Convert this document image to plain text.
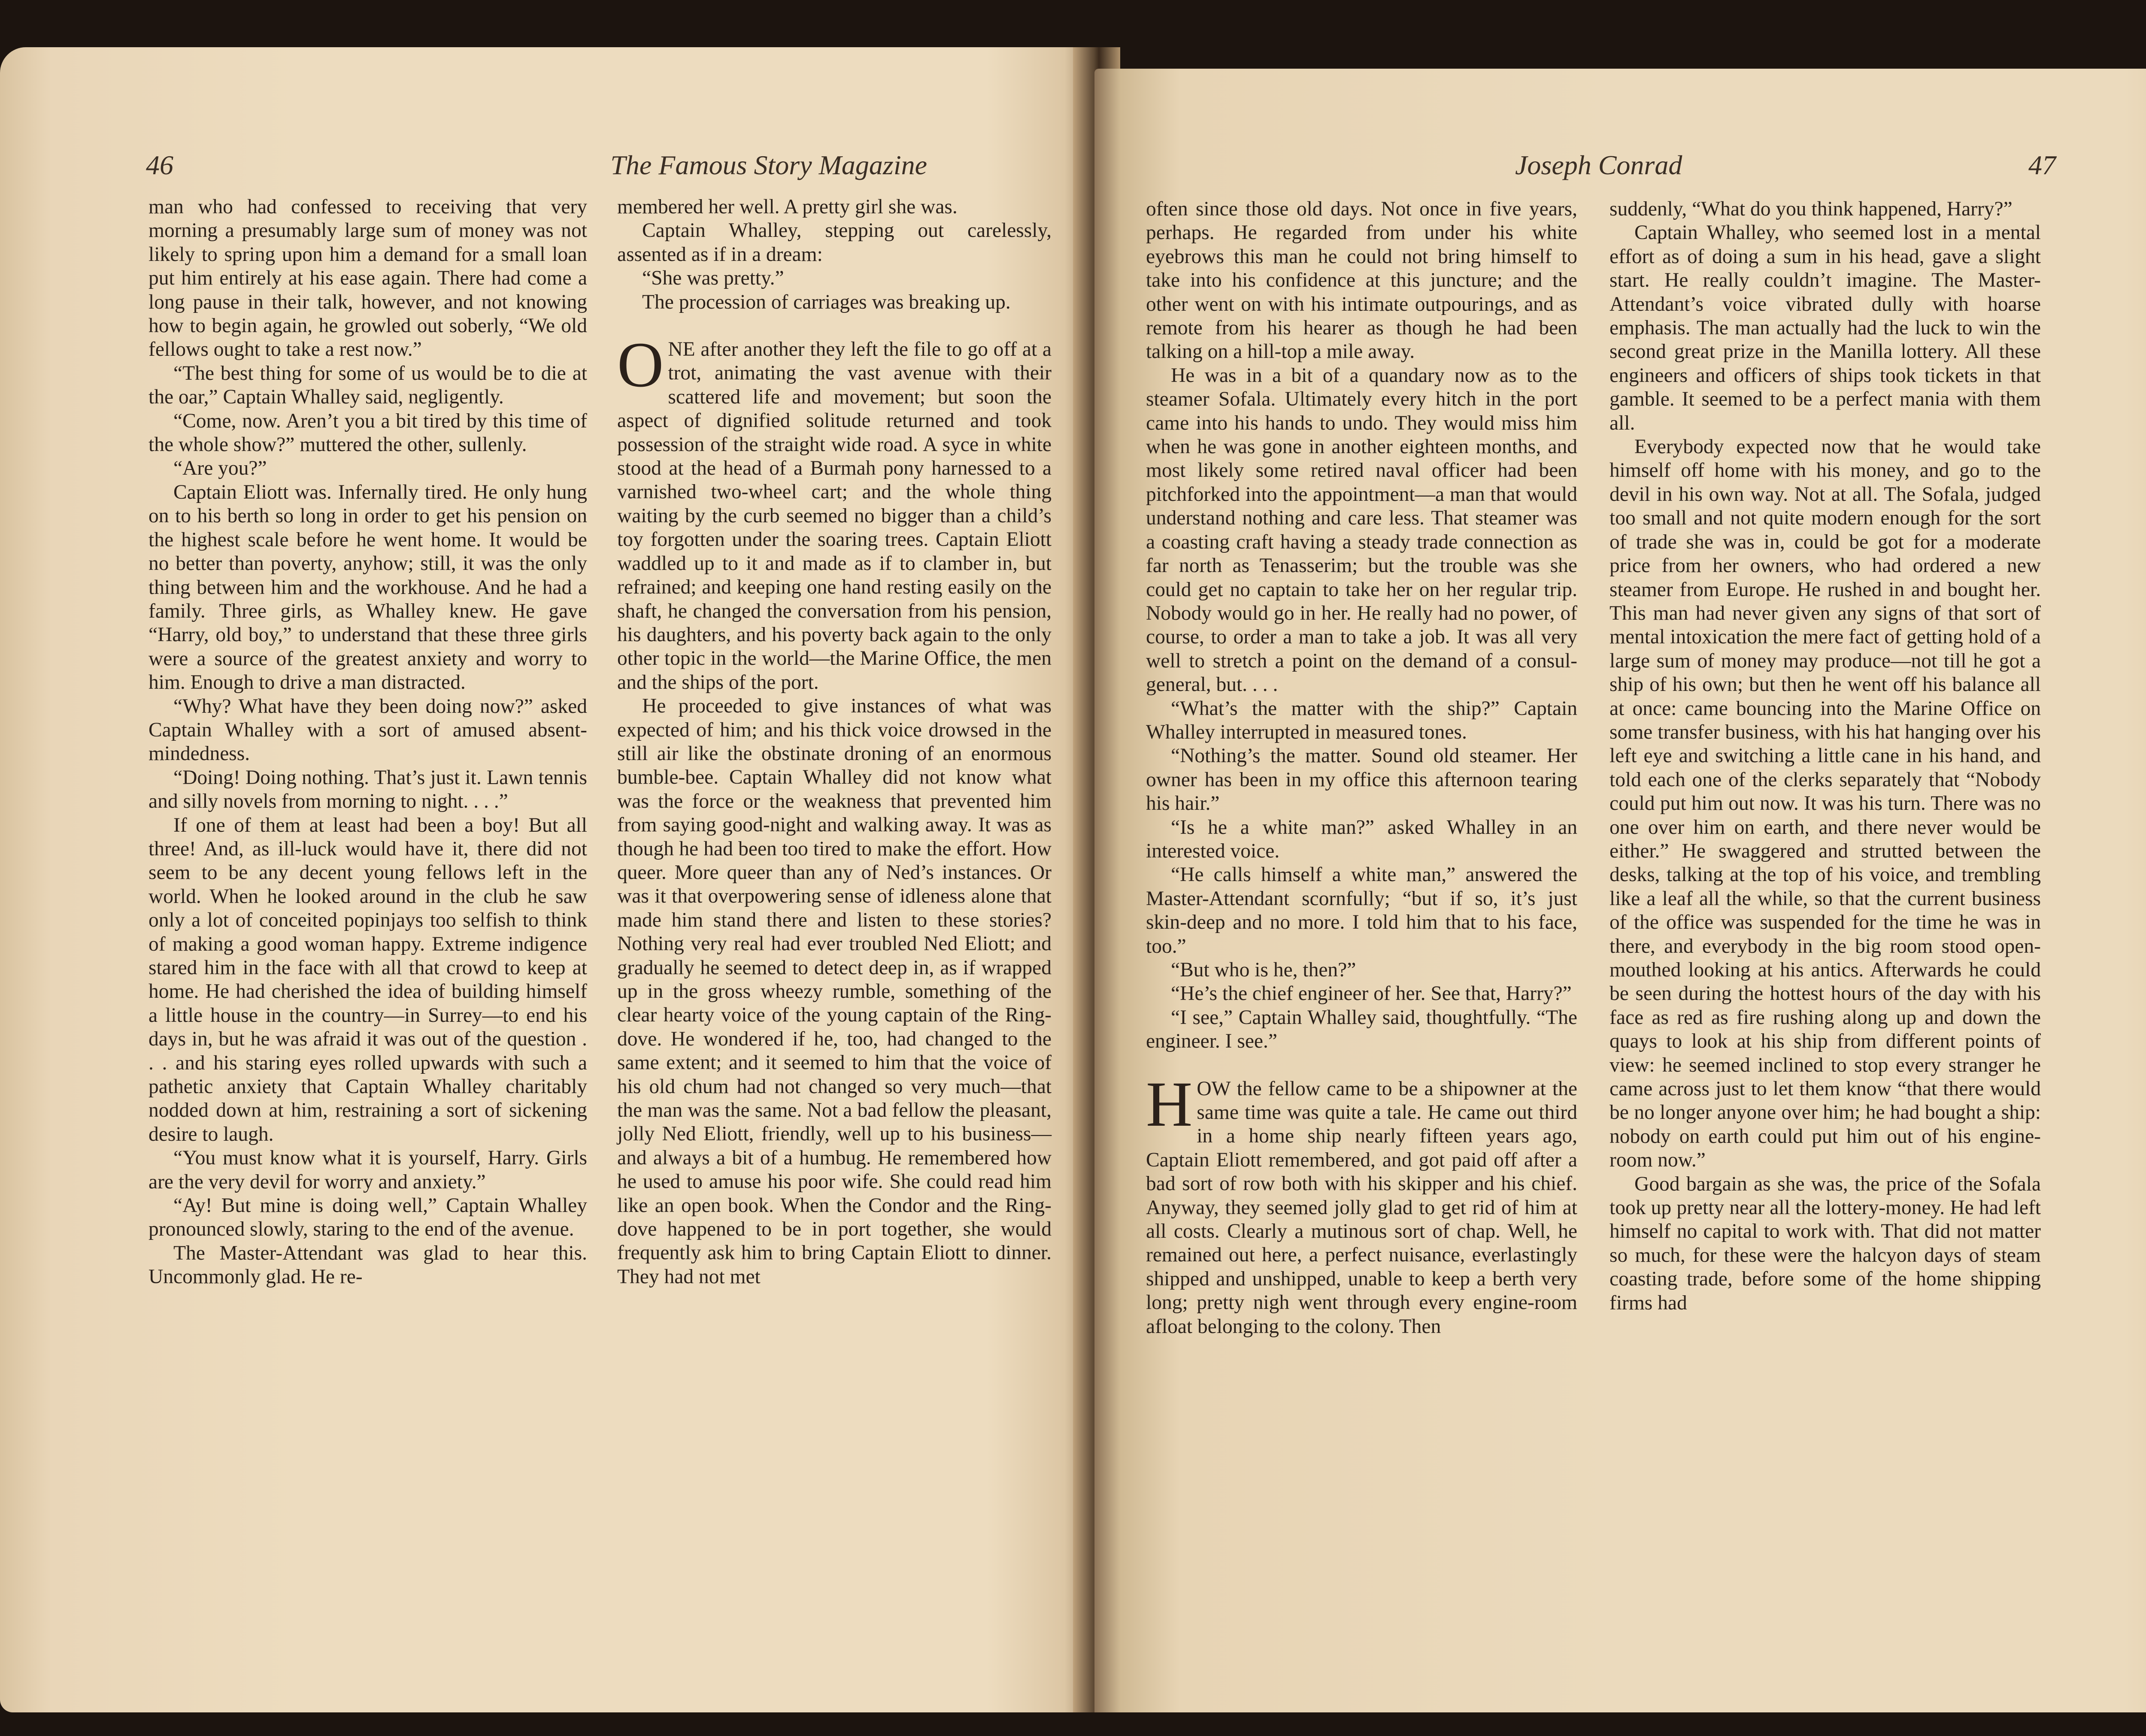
46	The Famous Story Magazine

man who had confessed to receiving that very morning a presumably large sum of money was not likely to spring upon him a demand for a small loan put him entirely at his ease again. There had come a long pause in their talk, however, and not knowing how to begin again, he growled out soberly, “We old fellows ought to take a rest now.”

“The best thing for some of us would be to die at the oar,” Captain Whalley said, negligently.

“Come, now. Aren’t you a bit tired by this time of the whole show?” muttered the other, sullenly.

“Are you?”

Captain Eliott was. Infernally tired. He only hung on to his berth so long in order to get his pension on the highest scale before he went home. It would be no better than poverty, anyhow; still, it was the only thing between him and the workhouse. And he had a family. Three girls, as Whalley knew. He gave “Harry, old boy,” to understand that these three girls were a source of the greatest anxiety and worry to him. Enough to drive a man distracted.

“Why? What have they been doing now?” asked Captain Whalley with a sort of amused absent-mindedness.

“Doing! Doing nothing. That’s just it. Lawn tennis and silly novels from morning to night. . . .”

If one of them at least had been a boy! But all three! And, as ill-luck would have it, there did not seem to be any decent young fellows left in the world. When he looked around in the club he saw only a lot of conceited popinjays too selfish to think of making a good woman happy. Extreme indigence stared him in the face with all that crowd to keep at home. He had cherished the idea of building himself a little house in the country—in Surrey—to end his days in, but he was afraid it was out of the question . . . and his staring eyes rolled upwards with such a pathetic anxiety that Captain Whalley charitably nodded down at him, restraining a sort of sickening desire to laugh.

“You must know what it is yourself, Harry. Girls are the very devil for worry and anxiety.”

“Ay! But mine is doing well,” Captain Whalley pronounced slowly, staring to the end of the avenue.

The Master-Attendant was glad to hear this. Uncommonly glad. He re-

membered her well. A pretty girl she was.

Captain Whalley, stepping out carelessly, assented as if in a dream:

“She was pretty.”

The procession of carriages was breaking up.

ONE after another they left the file to go off at a trot, animating the vast avenue with their scattered life and movement; but soon the aspect of dignified solitude returned and took possession of the straight wide road. A syce in white stood at the head of a Burmah pony harnessed to a varnished two-wheel cart; and the whole thing waiting by the curb seemed no bigger than a child’s toy forgotten under the soaring trees. Captain Eliott waddled up to it and made as if to clamber in, but refrained; and keeping one hand resting easily on the shaft, he changed the conversation from his pension, his daughters, and his poverty back again to the only other topic in the world—the Marine Office, the men and the ships of the port.

He proceeded to give instances of what was expected of him; and his thick voice drowsed in the still air like the obstinate droning of an enormous bumble-bee. Captain Whalley did not know what was the force or the weakness that prevented him from saying good-night and walking away. It was as though he had been too tired to make the effort. How queer. More queer than any of Ned’s instances. Or was it that overpowering sense of idleness alone that made him stand there and listen to these stories? Nothing very real had ever troubled Ned Eliott; and gradually he seemed to detect deep in, as if wrapped up in the gross wheezy rumble, something of the clear hearty voice of the young captain of the Ring-dove. He wondered if he, too, had changed to the same extent; and it seemed to him that the voice of his old chum had not changed so very much—that the man was the same. Not a bad fellow the pleasant, jolly Ned Eliott, friendly, well up to his business—and always a bit of a humbug. He remembered how he used to amuse his poor wife. She could read him like an open book. When the Condor and the Ring-dove happened to be in port together, she would frequently ask him to bring Captain Eliott to dinner. They had not met

Joseph Conrad	47

often since those old days. Not once in five years, perhaps. He regarded from under his white eyebrows this man he could not bring himself to take into his confidence at this juncture; and the other went on with his intimate outpourings, and as remote from his hearer as though he had been talking on a hill-top a mile away.

He was in a bit of a quandary now as to the steamer Sofala. Ultimately every hitch in the port came into his hands to undo. They would miss him when he was gone in another eighteen months, and most likely some retired naval officer had been pitchforked into the appointment—a man that would understand nothing and care less. That steamer was a coasting craft having a steady trade connection as far north as Tenasserim; but the trouble was she could get no captain to take her on her regular trip. Nobody would go in her. He really had no power, of course, to order a man to take a job. It was all very well to stretch a point on the demand of a consul-general, but. . . .

“What’s the matter with the ship?” Captain Whalley interrupted in measured tones.

“Nothing’s the matter. Sound old steamer. Her owner has been in my office this afternoon tearing his hair.”

“Is he a white man?” asked Whalley in an interested voice.

“He calls himself a white man,” answered the Master-Attendant scornfully; “but if so, it’s just skin-deep and no more. I told him that to his face, too.”

“But who is he, then?”

“He’s the chief engineer of her. See that, Harry?”

“I see,” Captain Whalley said, thoughtfully. “The engineer. I see.”

HOW the fellow came to be a shipowner at the same time was quite a tale. He came out third in a home ship nearly fifteen years ago, Captain Eliott remembered, and got paid off after a bad sort of row both with his skipper and his chief. Anyway, they seemed jolly glad to get rid of him at all costs. Clearly a mutinous sort of chap. Well, he remained out here, a perfect nuisance, everlastingly shipped and unshipped, unable to keep a berth very long; pretty nigh went through every engine-room afloat belonging to the colony. Then

suddenly, “What do you think happened, Harry?”

Captain Whalley, who seemed lost in a mental effort as of doing a sum in his head, gave a slight start. He really couldn’t imagine. The Master-Attendant’s voice vibrated dully with hoarse emphasis. The man actually had the luck to win the second great prize in the Manilla lottery. All these engineers and officers of ships took tickets in that gamble. It seemed to be a perfect mania with them all.

Everybody expected now that he would take himself off home with his money, and go to the devil in his own way. Not at all. The Sofala, judged too small and not quite modern enough for the sort of trade she was in, could be got for a moderate price from her owners, who had ordered a new steamer from Europe. He rushed in and bought her. This man had never given any signs of that sort of mental intoxication the mere fact of getting hold of a large sum of money may produce—not till he got a ship of his own; but then he went off his balance all at once: came bouncing into the Marine Office on some transfer business, with his hat hanging over his left eye and switching a little cane in his hand, and told each one of the clerks separately that “Nobody could put him out now. It was his turn. There was no one over him on earth, and there never would be either.” He swaggered and strutted between the desks, talking at the top of his voice, and trembling like a leaf all the while, so that the current business of the office was suspended for the time he was in there, and everybody in the big room stood open-mouthed looking at his antics. Afterwards he could be seen during the hottest hours of the day with his face as red as fire rushing along up and down the quays to look at his ship from different points of view: he seemed inclined to stop every stranger he came across just to let them know “that there would be no longer anyone over him; he had bought a ship: nobody on earth could put him out of his engine-room now.”

Good bargain as she was, the price of the Sofala took up pretty near all the lottery-money. He had left himself no capital to work with. That did not matter so much, for these were the halcyon days of steam coasting trade, before some of the home shipping firms had
